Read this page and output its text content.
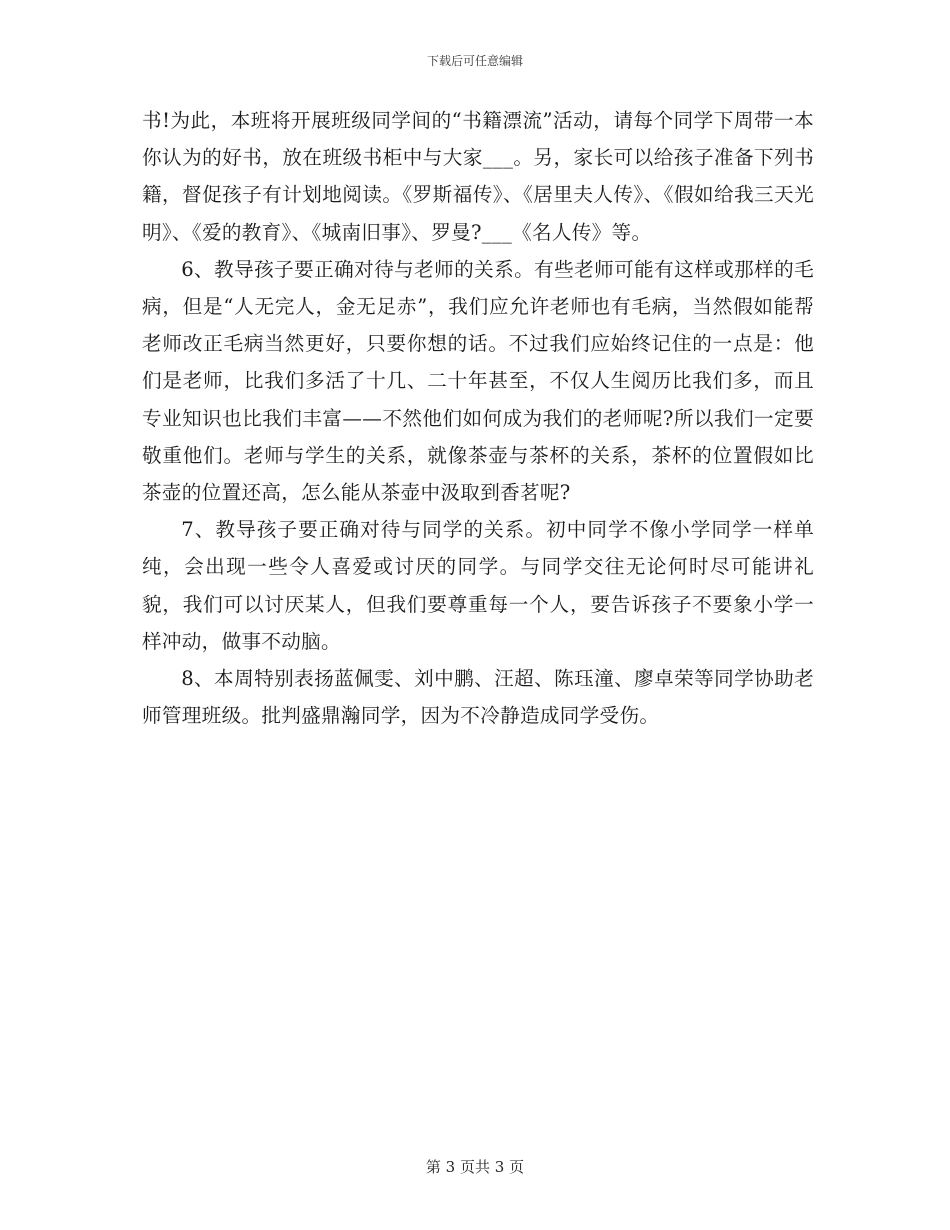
下载后可任意编辑

书!为此，本班将开展班级同学间的“书籍漂流”活动，请每个同学下周带一本你认为的好书，放在班级书柜中与大家___。另，家长可以给孩子准备下列书籍，督促孩子有计划地阅读。《罗斯福传》、《居里夫人传》、《假如给我三天光明》、《爱的教育》、《城南旧事》、罗曼?___《名人传》等。

6、教导孩子要正确对待与老师的关系。有些老师可能有这样或那样的毛病，但是“人无完人，金无足赤”，我们应允许老师也有毛病，当然假如能帮老师改正毛病当然更好，只要你想的话。不过我们应始终记住的一点是：他们是老师，比我们多活了十几、二十年甚至，不仅人生阅历比我们多，而且专业知识也比我们丰富——不然他们如何成为我们的老师呢?所以我们一定要敬重他们。老师与学生的关系，就像茶壶与茶杯的关系，茶杯的位置假如比茶壶的位置还高，怎么能从茶壶中汲取到香茗呢?

7、教导孩子要正确对待与同学的关系。初中同学不像小学同学一样单纯，会出现一些令人喜爱或讨厌的同学。与同学交往无论何时尽可能讲礼貌，我们可以讨厌某人，但我们要尊重每一个人，要告诉孩子不要象小学一样冲动，做事不动脑。

8、本周特别表扬蓝佩雯、刘中鹏、汪超、陈珏潼、廖卓荣等同学协助老师管理班级。批判盛鼎瀚同学，因为不冷静造成同学受伤。

第 3 页共 3 页
